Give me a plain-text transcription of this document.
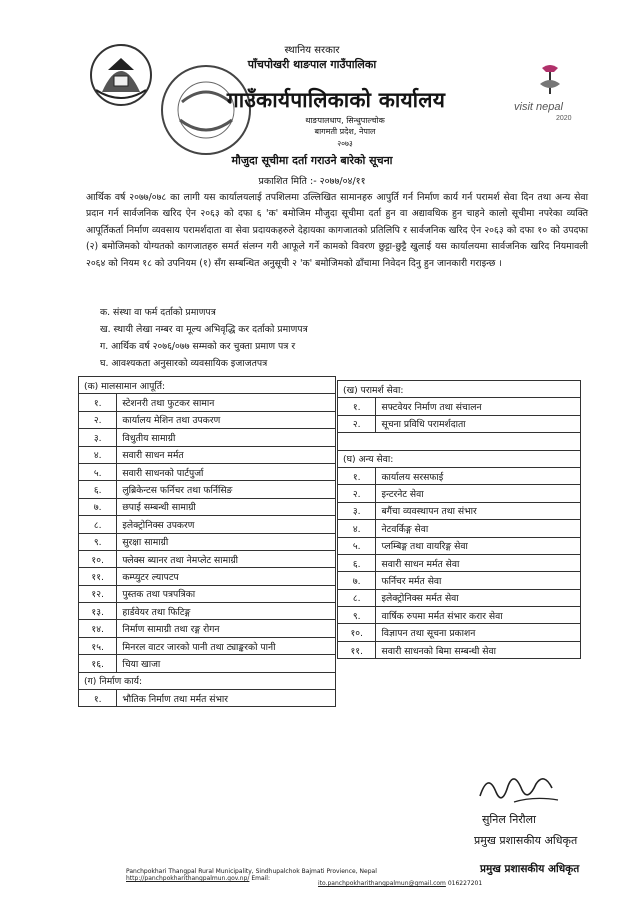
visit nepal
2020
स्थानिय सरकार
पाँचपोखरी थाङपाल गाउँपालिका
गाउँकार्यपालिकाको कार्यालय
थाङपालधाप, सिन्धुपाल्चोक
बागमती प्रदेश, नेपाल
२०७३
मौजुदा सूचीमा दर्ता गराउने बारेको सूचना
प्रकाशित मिति :- २०७७/०४/११
आर्थिक वर्ष २०७७/०७८ का लागी यस कार्यालयलाई तपशिलमा उल्लिखित सामानहरु आपुर्ति गर्न निर्माण कार्य गर्न परामर्श सेवा दिन तथा अन्य सेवा प्रदान गर्न सार्वजनिक खरिद ऐन २०६३ को दफा ६ 'क' बमोजिम मौजुदा सूचीमा दर्ता हुन वा अद्यावधिक हुन चाहने कालो सूचीमा नपरेका व्यक्ति आपूर्तिकर्ता निर्माण व्यवसाय परामर्शदाता वा सेवा प्रदायकहरुले देहायका कागजातको प्रतिलिपि र सार्वजनिक खरिद ऐन २०६३ को दफा १० को उपदफा (२) बमोजिमको योग्यतको कागजातहरु समर्त संलग्न गरी आफूले गर्ने कामको विवरण छुट्टा-छुट्टै खुलाई यस कार्यालयमा सार्वजनिक खरिद नियमावली २०६४ को नियम १८ को उपनियम (१) सँग सम्बन्धित अनुसूची २ 'क' बमोजिमको ढाँचामा निवेदन दिनु हुन जानकारी गराइन्छ ।
क. संस्था वा फर्म दर्ताको प्रमाणपत्र
ख. स्थायी लेखा नम्बर वा मूल्य अभिवृद्धि कर दर्ताको प्रमाणपत्र
ग. आर्थिक वर्ष २०७६/०७७ सम्मको कर चुक्ता प्रमाण पत्र र
घ. आवश्यकता अनुसारको व्यवसायिक इजाजतपत्र
(क) मालसामान आपूर्ति:	
१.	स्टेशनरी तथा फुटकर सामान
२.	कार्यालय मेशिन तथा उपकरण
३.	विधुतीय सामाग्री
४.	सवारी साधन मर्मत
५.	सवारी साधनको पार्टपुर्जा
६.	लुब्रिकेन्टस फर्निचर तथा फर्निसिङ
७.	छपाई सम्बन्धी सामाग्री
८.	इलेक्ट्रोनिक्स उपकरण
९.	सुरक्षा सामाग्री
१०.	फ्लेक्स ब्यानर तथा नेमप्लेट सामाग्री
११.	कम्प्युटर ल्यापटप
१२.	पुस्तक तथा पत्रपत्रिका
१३.	हार्डवेयर तथा फिटिङ्ग
१४.	निर्माण सामाग्री तथा रङ्ग रोगन
१५.	मिनरल वाटर जारको पानी तथा ट्याङ्करको पानी
१६.	चिया खाजा
(ग) निर्माण कार्य:	
१.	भौतिक निर्माण तथा मर्मत संभार
(ख) परामर्श सेवा:	
१.	सफ्टवेयर निर्माण तथा संचालन
२.	सूचना प्रविधि परामर्शदाता

(घ) अन्य सेवा:	
१.	कार्यालय सरसफाई
२.	इन्टरनेट सेवा
३.	बगैंचा व्यवस्थापन तथा संभार
४.	नेटवर्किङ्ग सेवा
५.	प्लम्बिङ्ग तथा वायरिङ्ग सेवा
६.	सवारी साधन मर्मत सेवा
७.	फर्निचर मर्मत सेवा
८.	इलेक्ट्रोनिक्स मर्मत सेवा
९.	वार्षिक रुपमा मर्मत संभार करार सेवा
१०.	विज्ञापन तथा सूचना प्रकाशन
११.	सवारी साधनको बिमा सम्बन्धी सेवा
सुनिल निरौला
प्रमुख प्रशासकीय अधिकृत
Panchpokhari Thangpal Rural Municipality, Sindhupalchok Bajmati Provience, Nepal http://panchpokharithangpalmun.gov.np/ Email:
प्रमुख प्रशासकीय अधिकृत
ito.panchpokharithangpalmun@gmail.com 016227201
